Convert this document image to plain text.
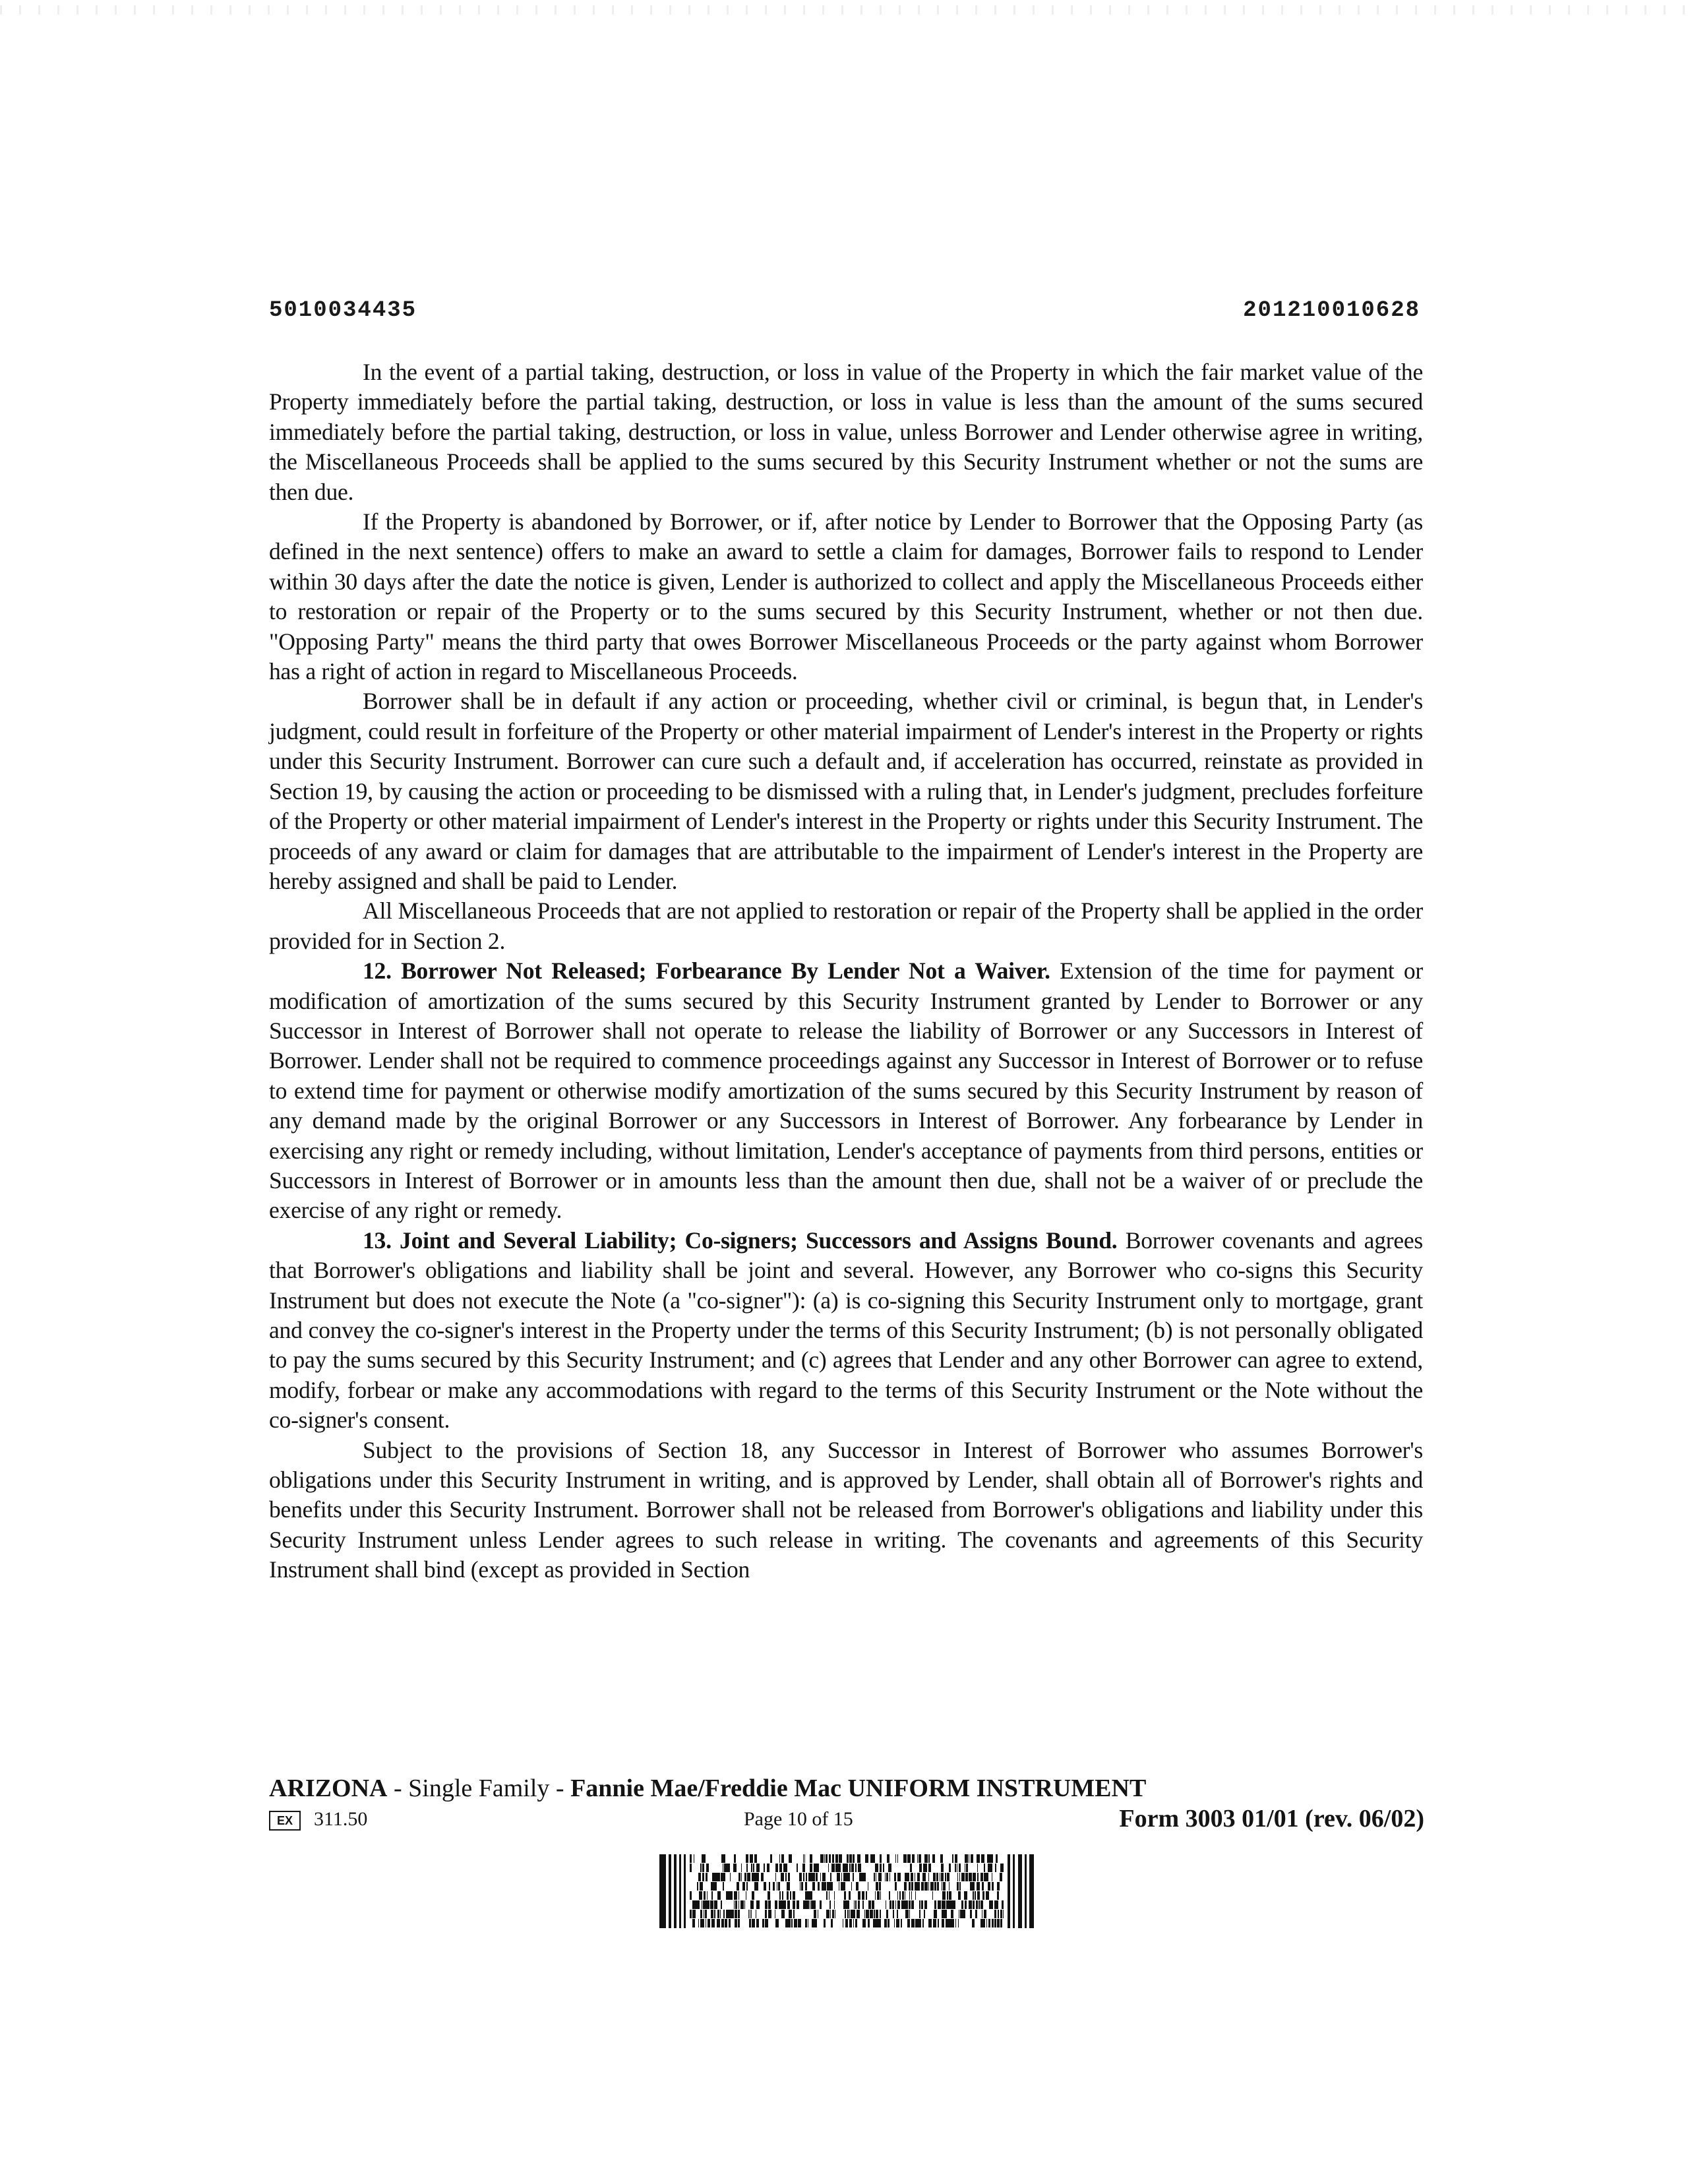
5010034435	201210010628

In the event of a partial taking, destruction, or loss in value of the Property in which the fair market value of the Property immediately before the partial taking, destruction, or loss in value is less than the amount of the sums secured immediately before the partial taking, destruction, or loss in value, unless Borrower and Lender otherwise agree in writing, the Miscellaneous Proceeds shall be applied to the sums secured by this Security Instrument whether or not the sums are then due.

If the Property is abandoned by Borrower, or if, after notice by Lender to Borrower that the Opposing Party (as defined in the next sentence) offers to make an award to settle a claim for damages, Borrower fails to respond to Lender within 30 days after the date the notice is given, Lender is authorized to collect and apply the Miscellaneous Proceeds either to restoration or repair of the Property or to the sums secured by this Security Instrument, whether or not then due. "Opposing Party" means the third party that owes Borrower Miscellaneous Proceeds or the party against whom Borrower has a right of action in regard to Miscellaneous Proceeds.

Borrower shall be in default if any action or proceeding, whether civil or criminal, is begun that, in Lender's judgment, could result in forfeiture of the Property or other material impairment of Lender's interest in the Property or rights under this Security Instrument. Borrower can cure such a default and, if acceleration has occurred, reinstate as provided in Section 19, by causing the action or proceeding to be dismissed with a ruling that, in Lender's judgment, precludes forfeiture of the Property or other material impairment of Lender's interest in the Property or rights under this Security Instrument. The proceeds of any award or claim for damages that are attributable to the impairment of Lender's interest in the Property are hereby assigned and shall be paid to Lender.

All Miscellaneous Proceeds that are not applied to restoration or repair of the Property shall be applied in the order provided for in Section 2.

12. Borrower Not Released; Forbearance By Lender Not a Waiver. Extension of the time for payment or modification of amortization of the sums secured by this Security Instrument granted by Lender to Borrower or any Successor in Interest of Borrower shall not operate to release the liability of Borrower or any Successors in Interest of Borrower. Lender shall not be required to commence proceedings against any Successor in Interest of Borrower or to refuse to extend time for payment or otherwise modify amortization of the sums secured by this Security Instrument by reason of any demand made by the original Borrower or any Successors in Interest of Borrower. Any forbearance by Lender in exercising any right or remedy including, without limitation, Lender's acceptance of payments from third persons, entities or Successors in Interest of Borrower or in amounts less than the amount then due, shall not be a waiver of or preclude the exercise of any right or remedy.

13. Joint and Several Liability; Co-signers; Successors and Assigns Bound. Borrower covenants and agrees that Borrower's obligations and liability shall be joint and several. However, any Borrower who co-signs this Security Instrument but does not execute the Note (a "co-signer"): (a) is co-signing this Security Instrument only to mortgage, grant and convey the co-signer's interest in the Property under the terms of this Security Instrument; (b) is not personally obligated to pay the sums secured by this Security Instrument; and (c) agrees that Lender and any other Borrower can agree to extend, modify, forbear or make any accommodations with regard to the terms of this Security Instrument or the Note without the co-signer's consent.

Subject to the provisions of Section 18, any Successor in Interest of Borrower who assumes Borrower's obligations under this Security Instrument in writing, and is approved by Lender, shall obtain all of Borrower's rights and benefits under this Security Instrument. Borrower shall not be released from Borrower's obligations and liability under this Security Instrument unless Lender agrees to such release in writing. The covenants and agreements of this Security Instrument shall bind (except as provided in Section

ARIZONA - Single Family - Fannie Mae/Freddie Mac UNIFORM INSTRUMENT
EX	311.50	Page 10 of 15	Form 3003 01/01 (rev. 06/02)
